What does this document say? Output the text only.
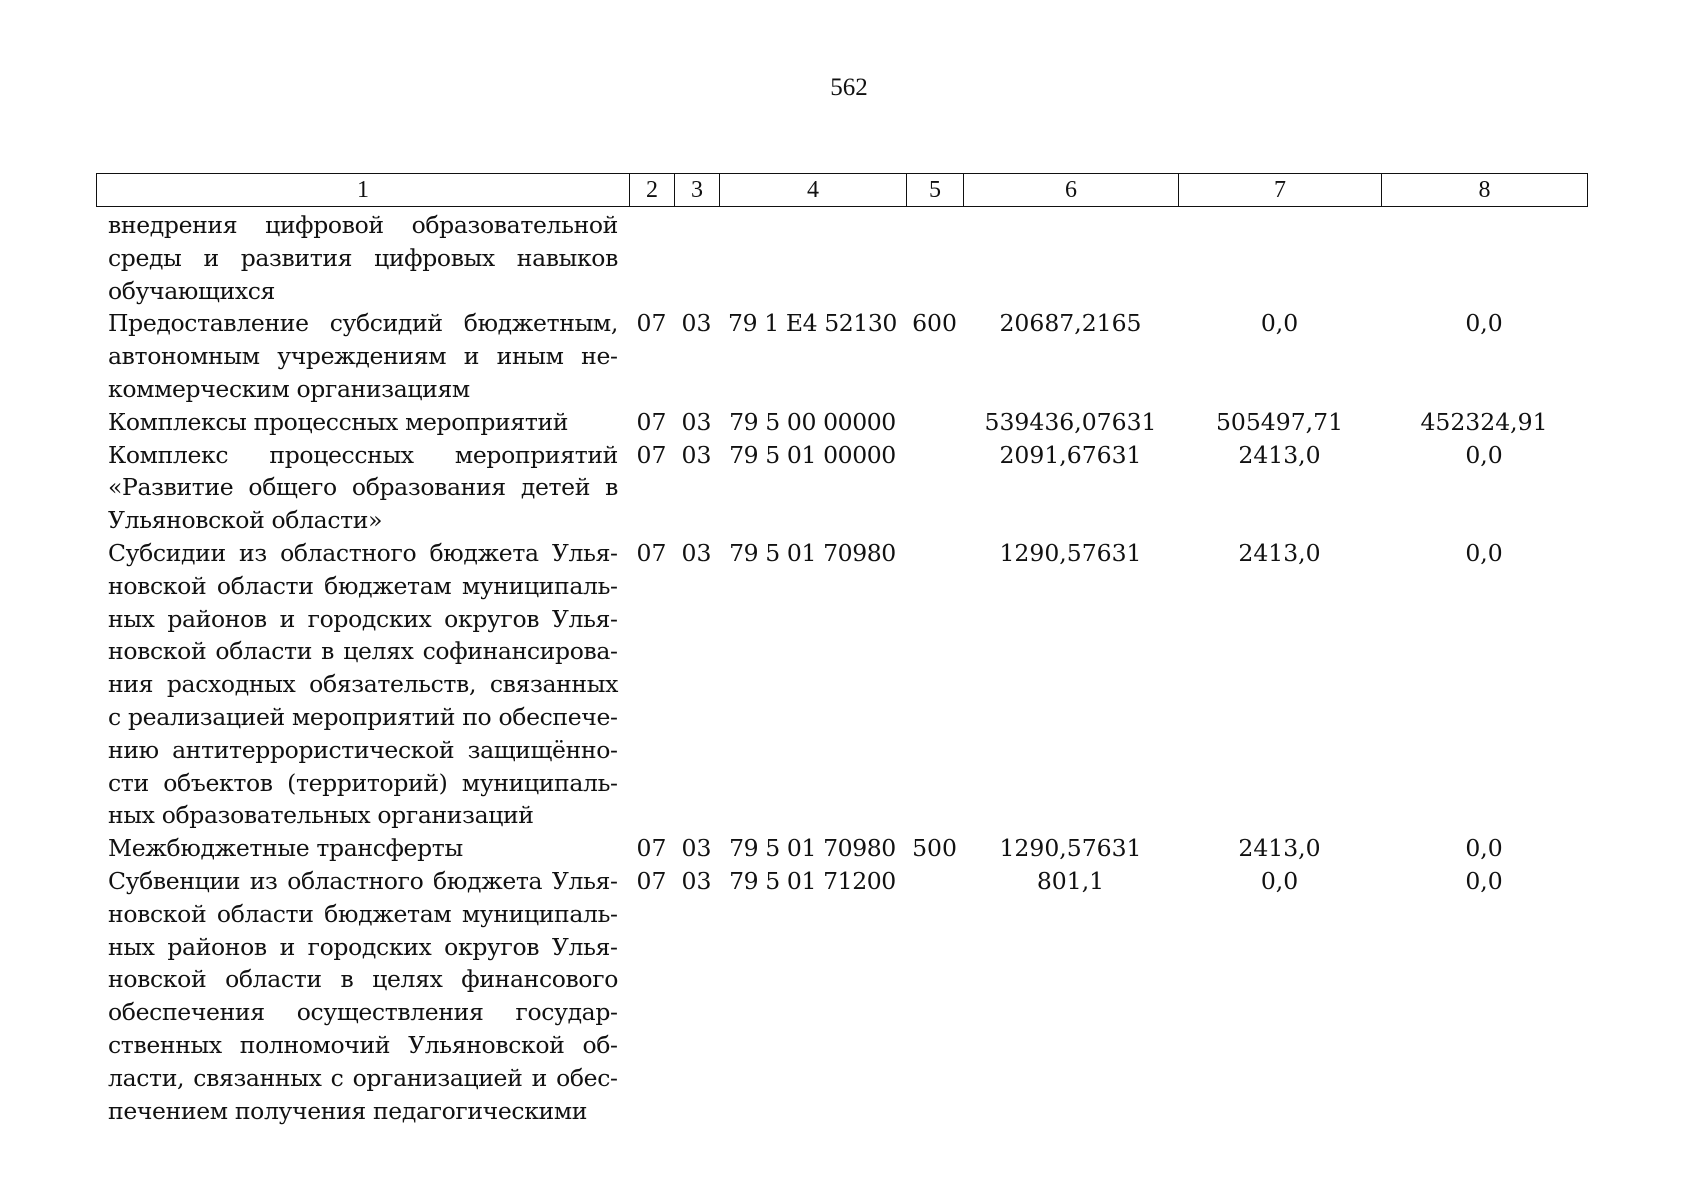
562
1	2	3	4	5	6	7	8
внедрения цифровой образовательной среды и развития цифровых навыков обучающихся							
Предоставление субсидий бюджетным, автономным учреждениям и иным некоммерческим организациям	07	03	79 1 E4 52130	600	20687,2165	0,0	0,0
Комплексы процессных мероприятий	07	03	79 5 00 00000		539436,07631	505497,71	452324,91
Комплекс процессных мероприятий «Развитие общего образования детей в Ульяновской области»	07	03	79 5 01 00000		2091,67631	2413,0	0,0
Субсидии из областного бюджета Ульяновской области бюджетам муниципальных районов и городских округов Ульяновской области в целях софинансирования расходных обязательств, связанных с реализацией мероприятий по обеспечению антитеррористической защищённости объектов (территорий) муниципальных образовательных организаций	07	03	79 5 01 70980		1290,57631	2413,0	0,0
Межбюджетные трансферты	07	03	79 5 01 70980	500	1290,57631	2413,0	0,0
Субвенции из областного бюджета Ульяновской области бюджетам муниципальных районов и городских округов Ульяновской области в целях финансового обеспечения осуществления государственных полномочий Ульяновской области, связанных с организацией и обеспечением получения педагогическими	07	03	79 5 01 71200		801,1	0,0	0,0
